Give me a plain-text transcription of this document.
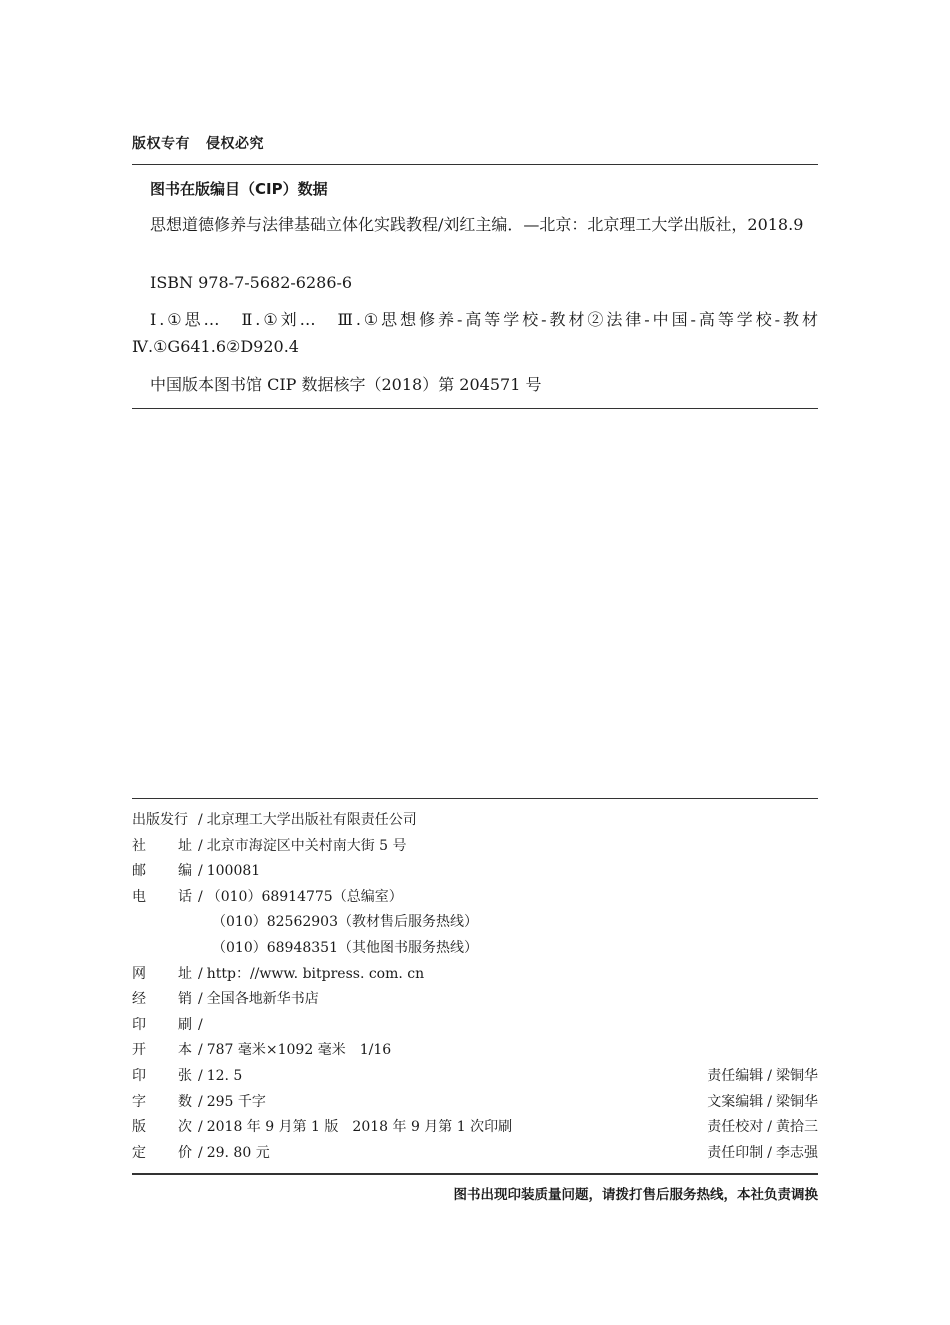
版权专有 侵权必究
图书在版编目（CIP）数据

思想道德修养与法律基础立体化实践教程/刘红主编．—北京：北京理工大学出版社，2018.9

ISBN 978-7-5682-6286-6

Ⅰ.①思…　Ⅱ.①刘…　Ⅲ.①思想修养-高等学校-教材②法律-中国-高等学校-教材　Ⅳ.①G641.6②D920.4

中国版本图书馆 CIP 数据核字（2018）第 204571 号
出版发行 / 北京理工大学出版社有限责任公司
社 址 / 北京市海淀区中关村南大街 5 号
邮 编 / 100081
电 话 / （010）68914775（总编室）
（010）82562903（教材售后服务热线）
（010）68948351（其他图书服务热线）
网 址 / http：//www. bitpress. com. cn
经 销 / 全国各地新华书店
印 刷 /
开 本 / 787 毫米×1092 毫米　1/16
印 张 / 12. 5	责任编辑 / 梁铜华
字 数 / 295 千字	文案编辑 / 梁铜华
版 次 / 2018 年 9 月第 1 版　2018 年 9 月第 1 次印刷	责任校对 / 黄拾三
定 价 / 29. 80 元	责任印制 / 李志强
图书出现印装质量问题，请拨打售后服务热线，本社负责调换
